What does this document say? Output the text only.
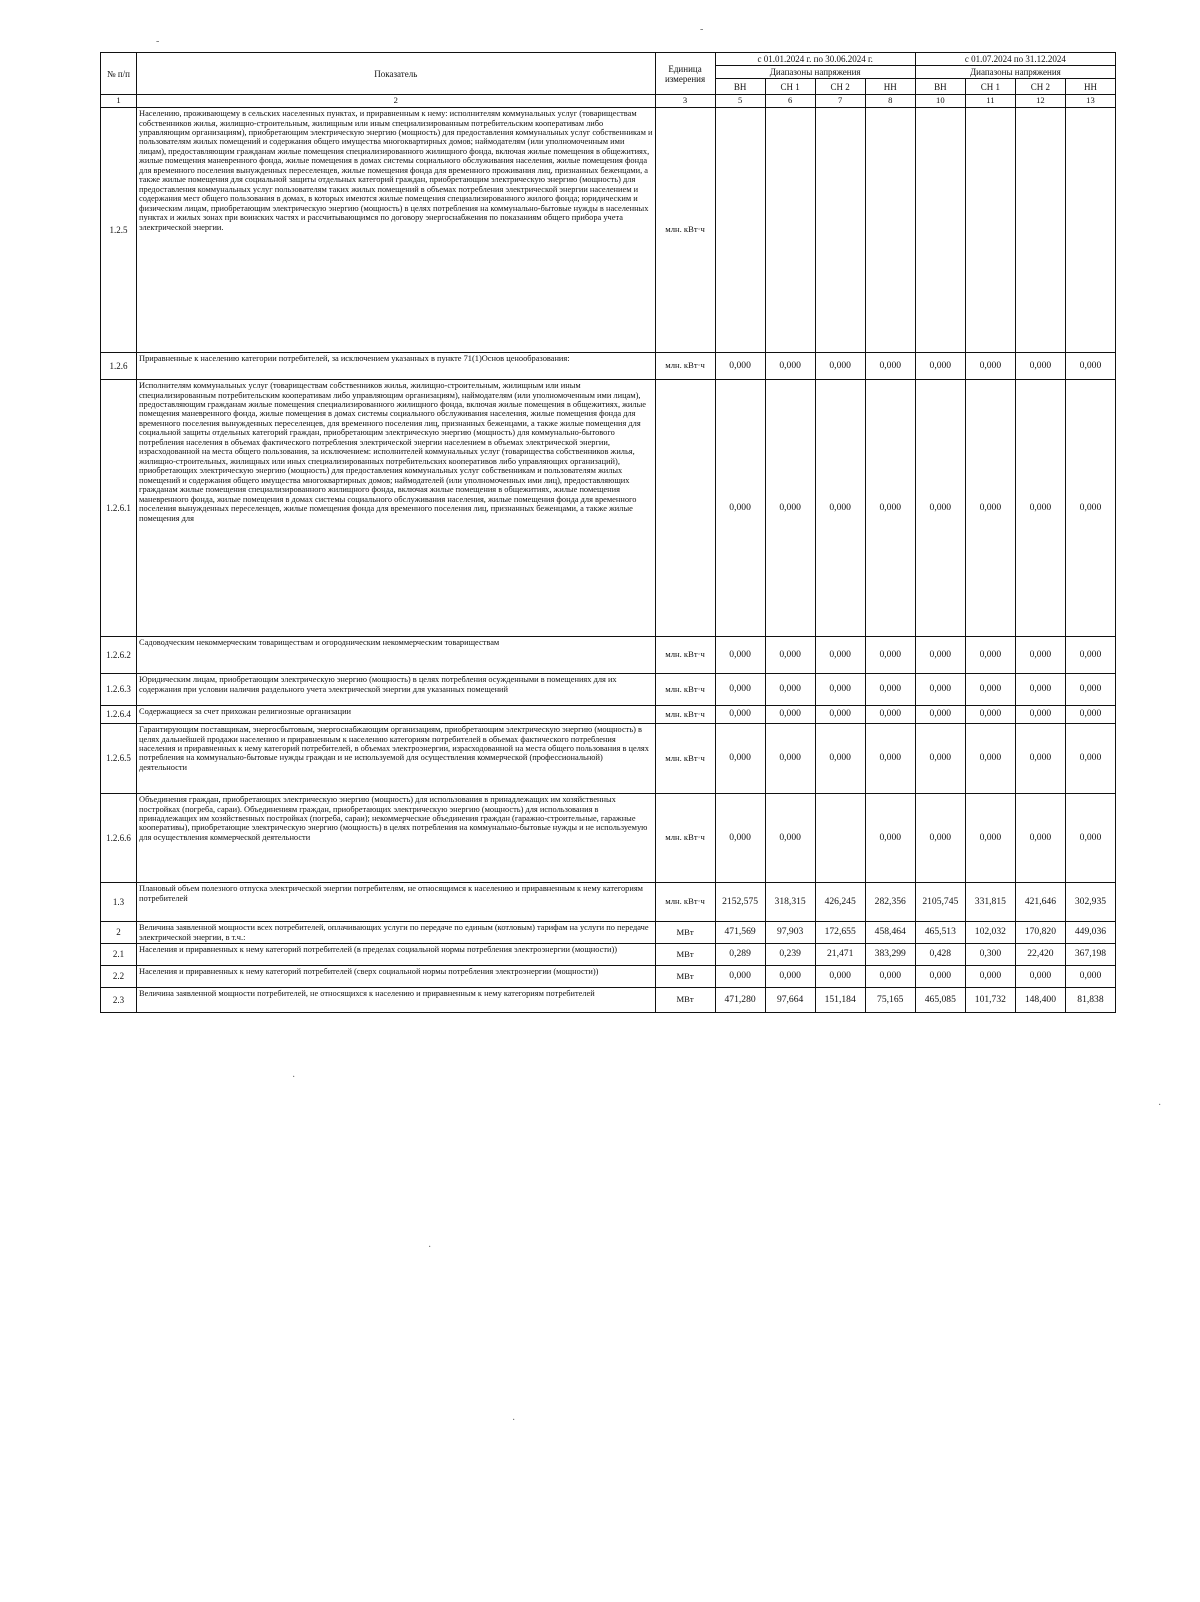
-
-
№ п/п	Показатель	Единица измерения	с 01.01.2024 г. по 30.06.2024 г.				с 01.07.2024 по 31.12.2024			
			Диапазоны напряжения				Диапазоны напряжения			
			ВН	СН 1	СН 2	НН	ВН	СН 1	СН 2	НН
1	2	3	5	6	7	8	10	11	12	13
1.2.5	Населению, проживающему в сельских населенных пунктах, и приравненным к нему: исполнителям коммунальных услуг (товариществам собственников жилья, жилищно-строительным, жилищным или иным специализированным потребительским кооперативам либо управляющим организациям), приобретающим электрическую энергию (мощность) для предоставления коммунальных услуг собственникам и пользователям жилых помещений и содержания общего имущества многоквартирных домов; наймодателям (или уполномоченным ими лицам), предоставляющим гражданам жилые помещения специализированного жилищного фонда, включая жилые помещения в общежитиях, жилые помещения маневренного фонда, жилые помещения в домах системы социального обслуживания населения, жилые помещения фонда для временного поселения вынужденных переселенцев, жилые помещения фонда для временного проживания лиц, признанных беженцами, а также жилые помещения для социальной защиты отдельных категорий граждан, приобретающим электрическую энергию (мощность) для предоставления коммунальных услуг пользователям таких жилых помещений в объемах потребления электрической энергии населением и содержания мест общего пользования в домах, в которых имеются жилые помещения специализированного жилого фонда; юридическим и физическим лицам, приобретающим электрическую энергию (мощность) в целях потребления на коммунально-бытовые нужды в населенных пунктах и жилых зонах при воинских частях и рассчитывающимся по договору энергоснабжения по показаниям общего прибора учета электрической энергии.	млн. кВт·ч								
1.2.6	Приравненные к населению категории потребителей, за исключением указанных в пункте 71(1)Основ ценообразования:	млн. кВт·ч	0,000	0,000	0,000	0,000	0,000	0,000	0,000	0,000
1.2.6.1	Исполнителям коммунальных услуг (товариществам собственников жилья, жилищно-строительным, жилищным или иным специализированным потребительским кооперативам либо управляющим организациям), наймодателям (или уполномоченным ими лицам), предоставляющим гражданам жилые помещения специализированного жилищного фонда, включая жилые помещения в общежитиях, жилые помещения маневренного фонда, жилые помещения в домах системы социального обслуживания населения, жилые помещения фонда для временного поселения вынужденных переселенцев, для временного поселения лиц, признанных беженцами, а также жилые помещения для социальной защиты отдельных категорий граждан, приобретающим электрическую энергию (мощность) для коммунально-бытового потребления населения в объемах фактического потребления электрической энергии населением в объемах электрической энергии, израсходованной на места общего пользования, за исключением: исполнителей коммунальных услуг (товарищества собственников жилья, жилищно-строительных, жилищных или иных специализированных потребительских кооперативов либо управляющих организаций), приобретающих электрическую энергию (мощность) для предоставления коммунальных услуг собственникам и пользователям жилых помещений и содержания общего имущества многоквартирных домов; наймодателей (или уполномоченных ими лиц), предоставляющих гражданам жилые помещения специализированного жилищного фонда, включая жилые помещения в общежитиях, жилые помещения маневренного фонда, жилые помещения в домах системы социального обслуживания населения, жилые помещения фонда для временного поселения вынужденных переселенцев, жилые помещения фонда для временного поселения лиц, признанных беженцами, а также жилые помещения для		0,000	0,000	0,000	0,000	0,000	0,000	0,000	0,000
1.2.6.2	Садоводческим некоммерческим товариществам и огородническим некоммерческим товариществам	млн. кВт·ч	0,000	0,000	0,000	0,000	0,000	0,000	0,000	0,000
1.2.6.3	Юридическим лицам, приобретающим электрическую энергию (мощность) в целях потребления осужденными в помещениях для их содержания при условии наличия раздельного учета электрической энергии для указанных помещений	млн. кВт·ч	0,000	0,000	0,000	0,000	0,000	0,000	0,000	0,000
1.2.6.4	Содержащиеся за счет прихожан религиозные организации	млн. кВт·ч	0,000	0,000	0,000	0,000	0,000	0,000	0,000	0,000
1.2.6.5	Гарантирующим поставщикам, энергосбытовым, энергоснабжающим организациям, приобретающим электрическую энергию (мощность) в целях дальнейшей продажи населению и приравненным к населению категориям потребителей в объемах фактического потребления населения и приравненных к нему категорий потребителей, в объемах электроэнергии, израсходованной на места общего пользования в целях потребления на коммунально-бытовые нужды граждан и не используемой для осуществления коммерческой (профессиональной) деятельности	млн. кВт·ч	0,000	0,000	0,000	0,000	0,000	0,000	0,000	0,000
1.2.6.6	Объединения граждан, приобретающих электрическую энергию (мощность) для использования в принадлежащих им хозяйственных постройках (погреба, сараи). Объединениям граждан, приобретающих электрическую энергию (мощность) для использования в принадлежащих им хозяйственных постройках (погреба, сараи); некоммерческие объединения граждан (гаражно-строительные, гаражные кооперативы), приобретающие электрическую энергию (мощность) в целях потребления на коммунально-бытовые нужды и не используемую для осуществления коммерческой деятельности	млн. кВт·ч	0,000	0,000		0,000	0,000	0,000	0,000	0,000
1.3	Плановый объем полезного отпуска электрической энергии потребителям, не относящимся к населению и приравненным к нему категориям потребителей	млн. кВт·ч	2152,575	318,315	426,245	282,356	2105,745	331,815	421,646	302,935
2	Величина заявленной мощности всех потребителей, оплачивающих услуги по передаче по единым (котловым) тарифам на услуги по передаче электрической энергии, в т.ч.:	МВт	471,569	97,903	172,655	458,464	465,513	102,032	170,820	449,036
2.1	Населения и приравненных к нему категорий потребителей (в пределах социальной нормы потребления электроэнергии (мощности))	МВт	0,289	0,239	21,471	383,299	0,428	0,300	22,420	367,198
2.2	Населения и приравненных к нему категорий потребителей (сверх социальной нормы потребления электроэнергии (мощности))	МВт	0,000	0,000	0,000	0,000	0,000	0,000	0,000	0,000
2.3	Величина заявленной мощности потребителей, не относящихся к населению и приравненным к нему категориям потребителей	МВт	471,280	97,664	151,184	75,165	465,085	101,732	148,400	81,838
·
·
·
·
